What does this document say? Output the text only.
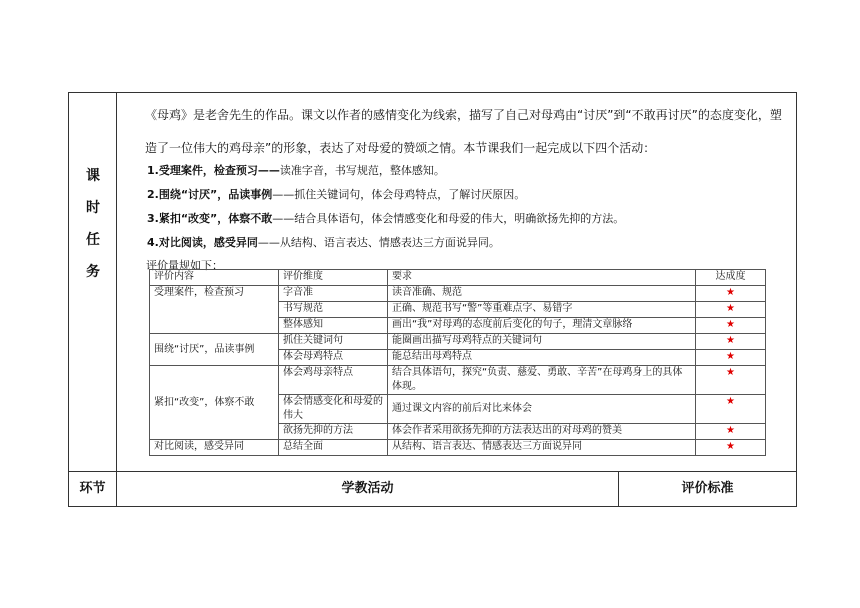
课
时
任
务
《母鸡》是老舍先生的作品。课文以作者的感情变化为线索，描写了自己对母鸡由“讨厌”到“不敢再讨厌”的态度变化，塑造了一位伟大的鸡母亲”的形象，表达了对母爱的赞颂之情。本节课我们一起完成以下四个活动：
1.受理案件，检查预习——读准字音，书写规范，整体感知。
2.围绕“讨厌”，品读事例——抓住关键词句，体会母鸡特点，了解讨厌原因。
3.紧扣“改变”，体察不敢——结合具体语句，体会情感变化和母爱的伟大，明确欲扬先抑的方法。
4.对比阅读，感受异同——从结构、语言表达、情感表达三方面说异同。
评价量规如下：
评价内容	评价维度	要求	达成度
受理案件，检查预习	字音准	读音准确、规范	★
	书写规范	正确、规范书写“警”等重难点字、易错字	★
	整体感知	画出“我”对母鸡的态度前后变化的句子，理清文章脉络	★
围绕“讨厌”，品读事例	抓住关键词句	能圈画出描写母鸡特点的关键词句	★
	体会母鸡特点	能总结出母鸡特点	★
紧扣“改变”，体察不敢	体会鸡母亲特点	结合具体语句，探究“负责、慈爱、勇敢、辛苦”在母鸡身上的具体体现。	★
	体会情感变化和母爱的伟大	通过课文内容的前后对比来体会	★
	欲扬先抑的方法	体会作者采用欲扬先抑的方法表达出的对母鸡的赞美	★
对比阅读，感受异同	总结全面	从结构、语言表达、情感表达三方面说异同	★
环节	学教活动	评价标准
